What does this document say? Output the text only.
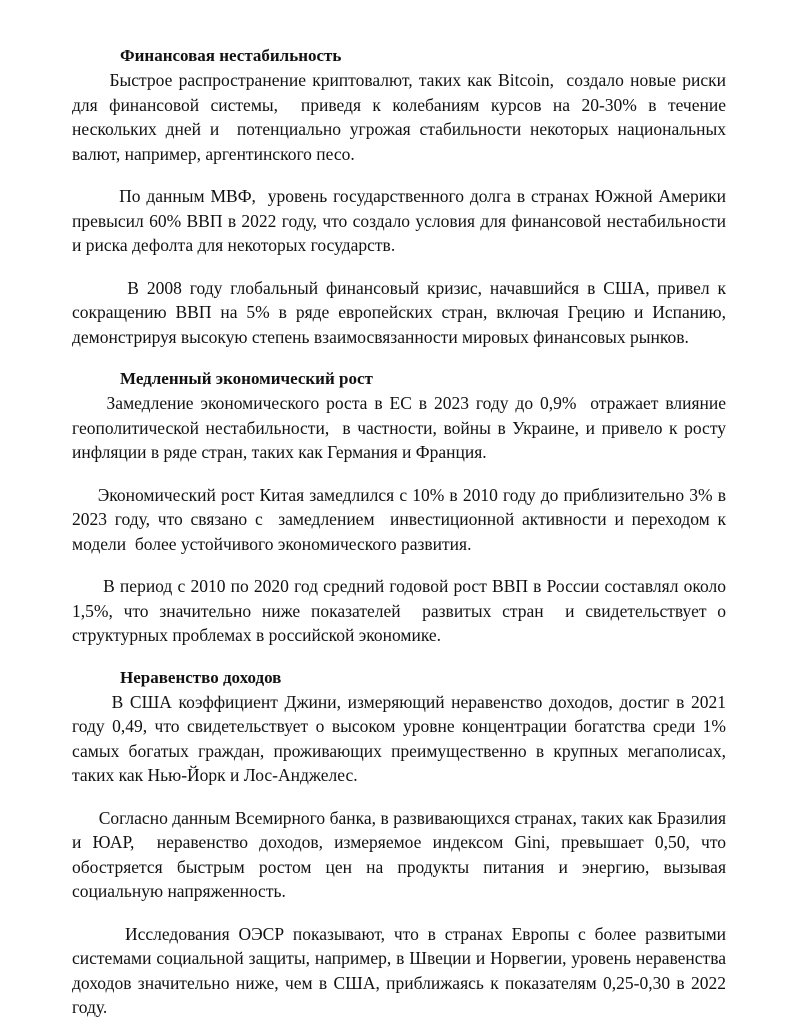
Финансовая нестабильность

Быстрое распространение криптовалют, таких как Bitcoin,  создало новые риски для финансовой системы,  приведя к колебаниям курсов на 20-30% в течение нескольких дней и  потенциально угрожая стабильности некоторых национальных валют, например, аргентинского песо.

По данным МВФ,  уровень государственного долга в странах Южной Америки превысил 60% ВВП в 2022 году, что создало условия для финансовой нестабильности и риска дефолта для некоторых государств.

В 2008 году глобальный финансовый кризис, начавшийся в США, привел к сокращению ВВП на 5% в ряде европейских стран, включая Грецию и Испанию, демонстрируя высокую степень взаимосвязанности мировых финансовых рынков.

Медленный экономический рост

Замедление экономического роста в ЕС в 2023 году до 0,9%  отражает влияние геополитической нестабильности,  в частности, войны в Украине, и привело к росту инфляции в ряде стран, таких как Германия и Франция.

Экономический рост Китая замедлился с 10% в 2010 году до приблизительно 3% в 2023 году, что связано с  замедлением  инвестиционной активности и переходом к модели  более устойчивого экономического развития.

В период с 2010 по 2020 год средний годовой рост ВВП в России составлял около 1,5%, что значительно ниже показателей  развитых стран  и свидетельствует о структурных проблемах в российской экономике.

Неравенство доходов

В США коэффициент Джини, измеряющий неравенство доходов, достиг в 2021 году 0,49, что свидетельствует о высоком уровне концентрации богатства среди 1% самых богатых граждан, проживающих преимущественно в крупных мегаполисах, таких как Нью-Йорк и Лос-Анджелес.

Согласно данным Всемирного банка, в развивающихся странах, таких как Бразилия и ЮАР,  неравенство доходов, измеряемое индексом Gini, превышает 0,50, что  обостряется быстрым ростом цен на продукты питания и энергию, вызывая социальную напряженность.

Исследования ОЭСР показывают, что в странах Европы с более развитыми системами социальной защиты, например, в Швеции и Норвегии, уровень неравенства доходов значительно ниже, чем в США, приближаясь к показателям 0,25-0,30 в 2022 году.
